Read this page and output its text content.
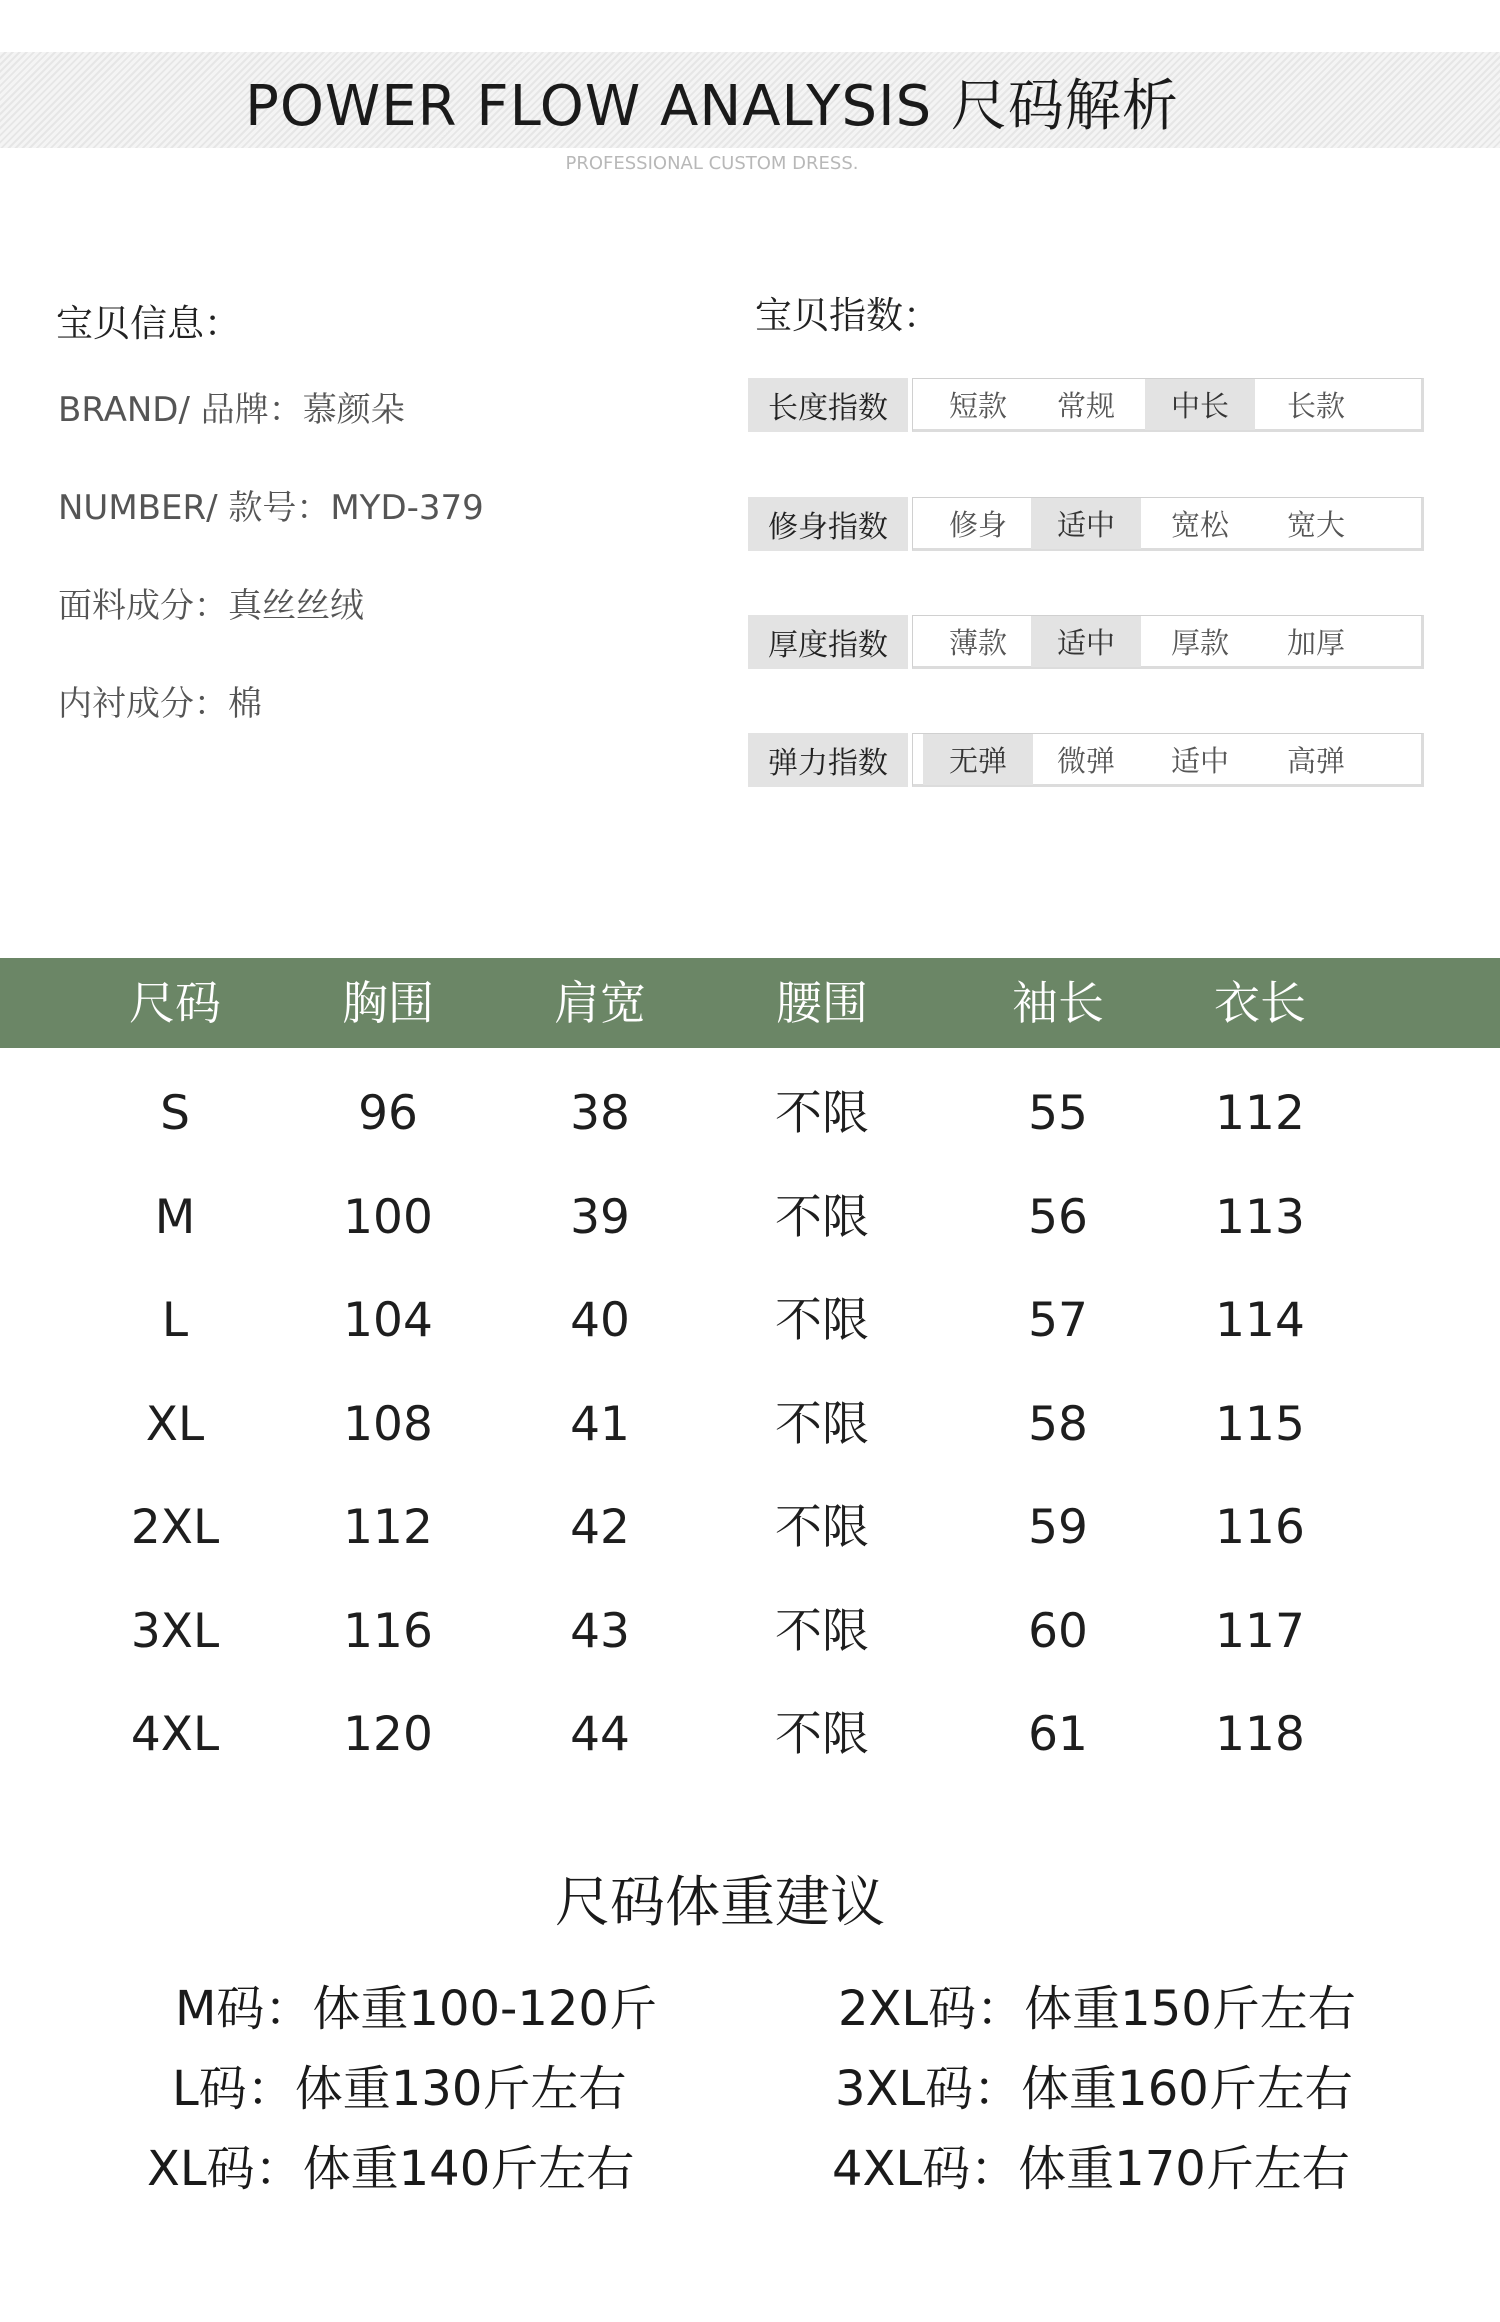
POWER FLOW ANALYSIS 尺码解析
PROFESSIONAL CUSTOM DRESS.
宝贝信息：
BRAND/ 品牌：慕颜朵
NUMBER/ 款号：MYD-379
面料成分：真丝丝绒
内衬成分：棉
宝贝指数：
长度指数	短款	常规	中长	长款
修身指数	修身	适中	宽松	宽大
厚度指数	薄款	适中	厚款	加厚
弹力指数	无弹	微弹	适中	高弹
尺码	胸围	肩宽	腰围	袖长	衣长
S	96	38	不限	55	112
M	100	39	不限	56	113
L	104	40	不限	57	114
XL	108	41	不限	58	115
2XL	112	42	不限	59	116
3XL	116	43	不限	60	117
4XL	120	44	不限	61	118
尺码体重建议
M码：体重100-120斤
L码：体重130斤左右
XL码：体重140斤左右
2XL码：体重150斤左右
3XL码：体重160斤左右
4XL码：体重170斤左右
